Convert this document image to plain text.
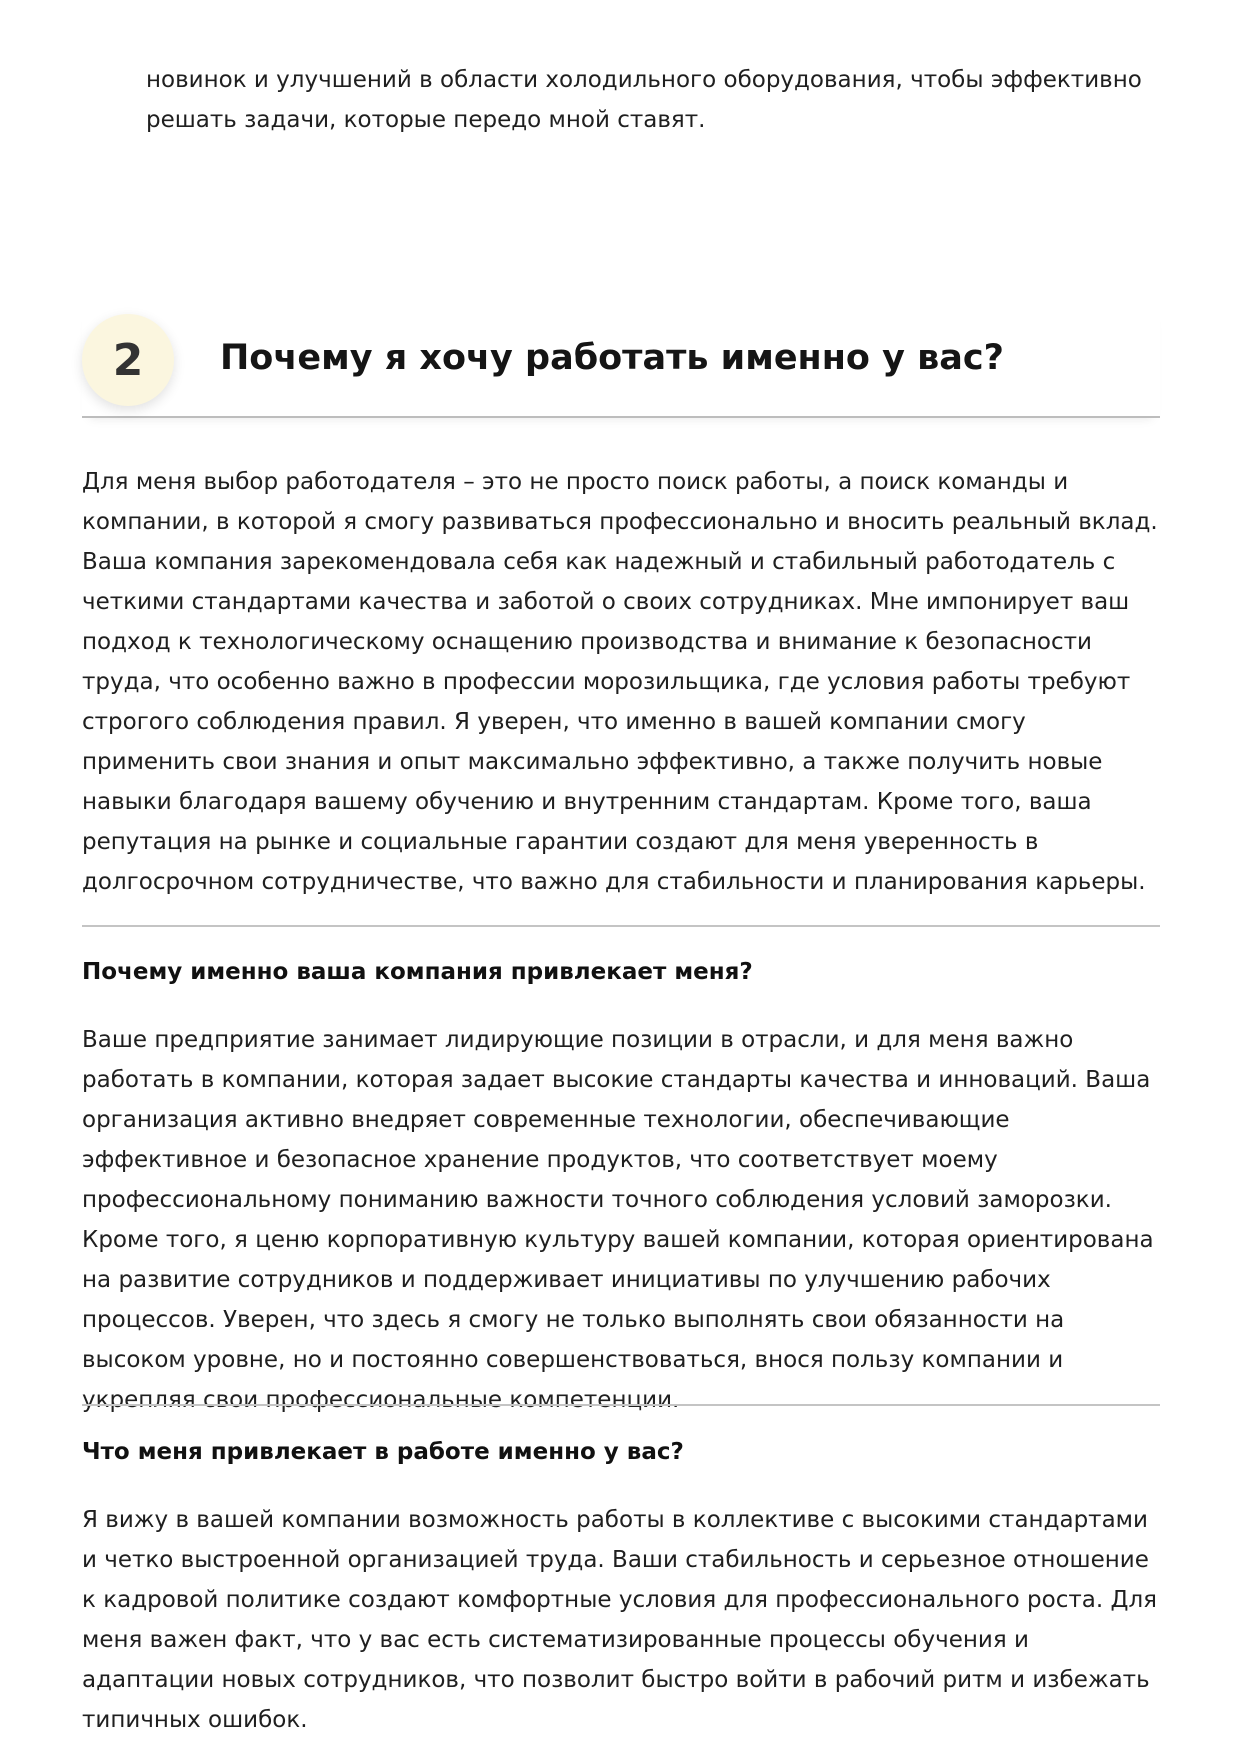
новинок и улучшений в области холодильного оборудования, чтобы эффективно решать задачи, которые передо мной ставят.

2	Почему я хочу работать именно у вас?

Для меня выбор работодателя – это не просто поиск работы, а поиск команды и компании, в которой я смогу развиваться профессионально и вносить реальный вклад. Ваша компания зарекомендовала себя как надежный и стабильный работодатель с четкими стандартами качества и заботой о своих сотрудниках. Мне импонирует ваш подход к технологическому оснащению производства и внимание к безопасности труда, что особенно важно в профессии морозильщика, где условия работы требуют строгого соблюдения правил. Я уверен, что именно в вашей компании смогу применить свои знания и опыт максимально эффективно, а также получить новые навыки благодаря вашему обучению и внутренним стандартам. Кроме того, ваша репутация на рынке и социальные гарантии создают для меня уверенность в долгосрочном сотрудничестве, что важно для стабильности и планирования карьеры.

Почему именно ваша компания привлекает меня?

Ваше предприятие занимает лидирующие позиции в отрасли, и для меня важно работать в компании, которая задает высокие стандарты качества и инноваций. Ваша организация активно внедряет современные технологии, обеспечивающие эффективное и безопасное хранение продуктов, что соответствует моему профессиональному пониманию важности точного соблюдения условий заморозки. Кроме того, я ценю корпоративную культуру вашей компании, которая ориентирована на развитие сотрудников и поддерживает инициативы по улучшению рабочих процессов. Уверен, что здесь я смогу не только выполнять свои обязанности на высоком уровне, но и постоянно совершенствоваться, внося пользу компании и укрепляя свои профессиональные компетенции.

Что меня привлекает в работе именно у вас?

Я вижу в вашей компании возможность работы в коллективе с высокими стандартами и четко выстроенной организацией труда. Ваши стабильность и серьезное отношение к кадровой политике создают комфортные условия для профессионального роста. Для меня важен факт, что у вас есть систематизированные процессы обучения и адаптации новых сотрудников, что позволит быстро войти в рабочий ритм и избежать типичных ошибок.
